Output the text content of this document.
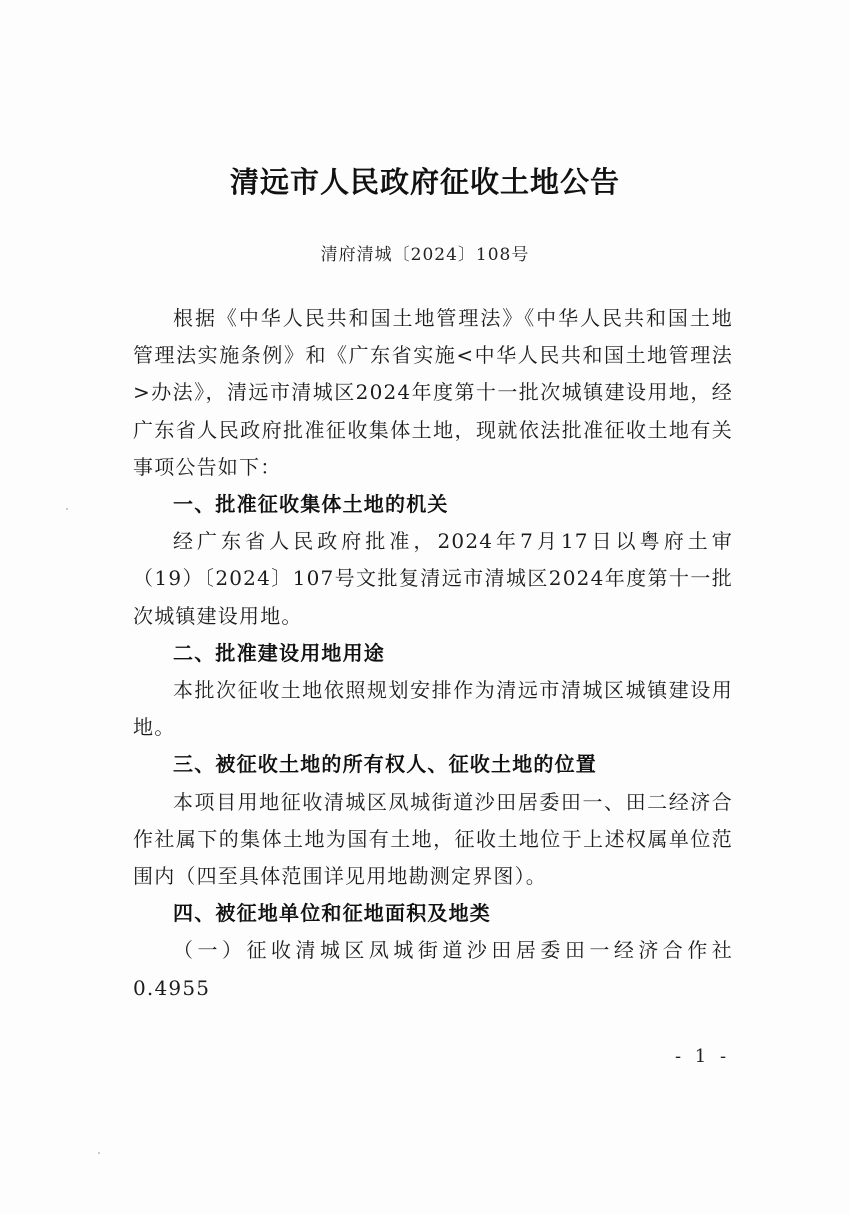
清远市人民政府征收土地公告
清府清城〔2024〕108号

根据《中华人民共和国土地管理法》《中华人民共和国土地管理法实施条例》和《广东省实施<中华人民共和国土地管理法>办法》，清远市清城区2024年度第十一批次城镇建设用地，经广东省人民政府批准征收集体土地，现就依法批准征收土地有关事项公告如下：

一、批准征收集体土地的机关

经广东省人民政府批准，2024年7月17日以粤府土审（19）〔2024〕107号文批复清远市清城区2024年度第十一批次城镇建设用地。

二、批准建设用地用途

本批次征收土地依照规划安排作为清远市清城区城镇建设用地。

三、被征收土地的所有权人、征收土地的位置

本项目用地征收清城区凤城街道沙田居委田一、田二经济合作社属下的集体土地为国有土地，征收土地位于上述权属单位范围内（四至具体范围详见用地勘测定界图）。

四、被征地单位和征地面积及地类

（一）征收清城区凤城街道沙田居委田一经济合作社0.4955

- 1 -
